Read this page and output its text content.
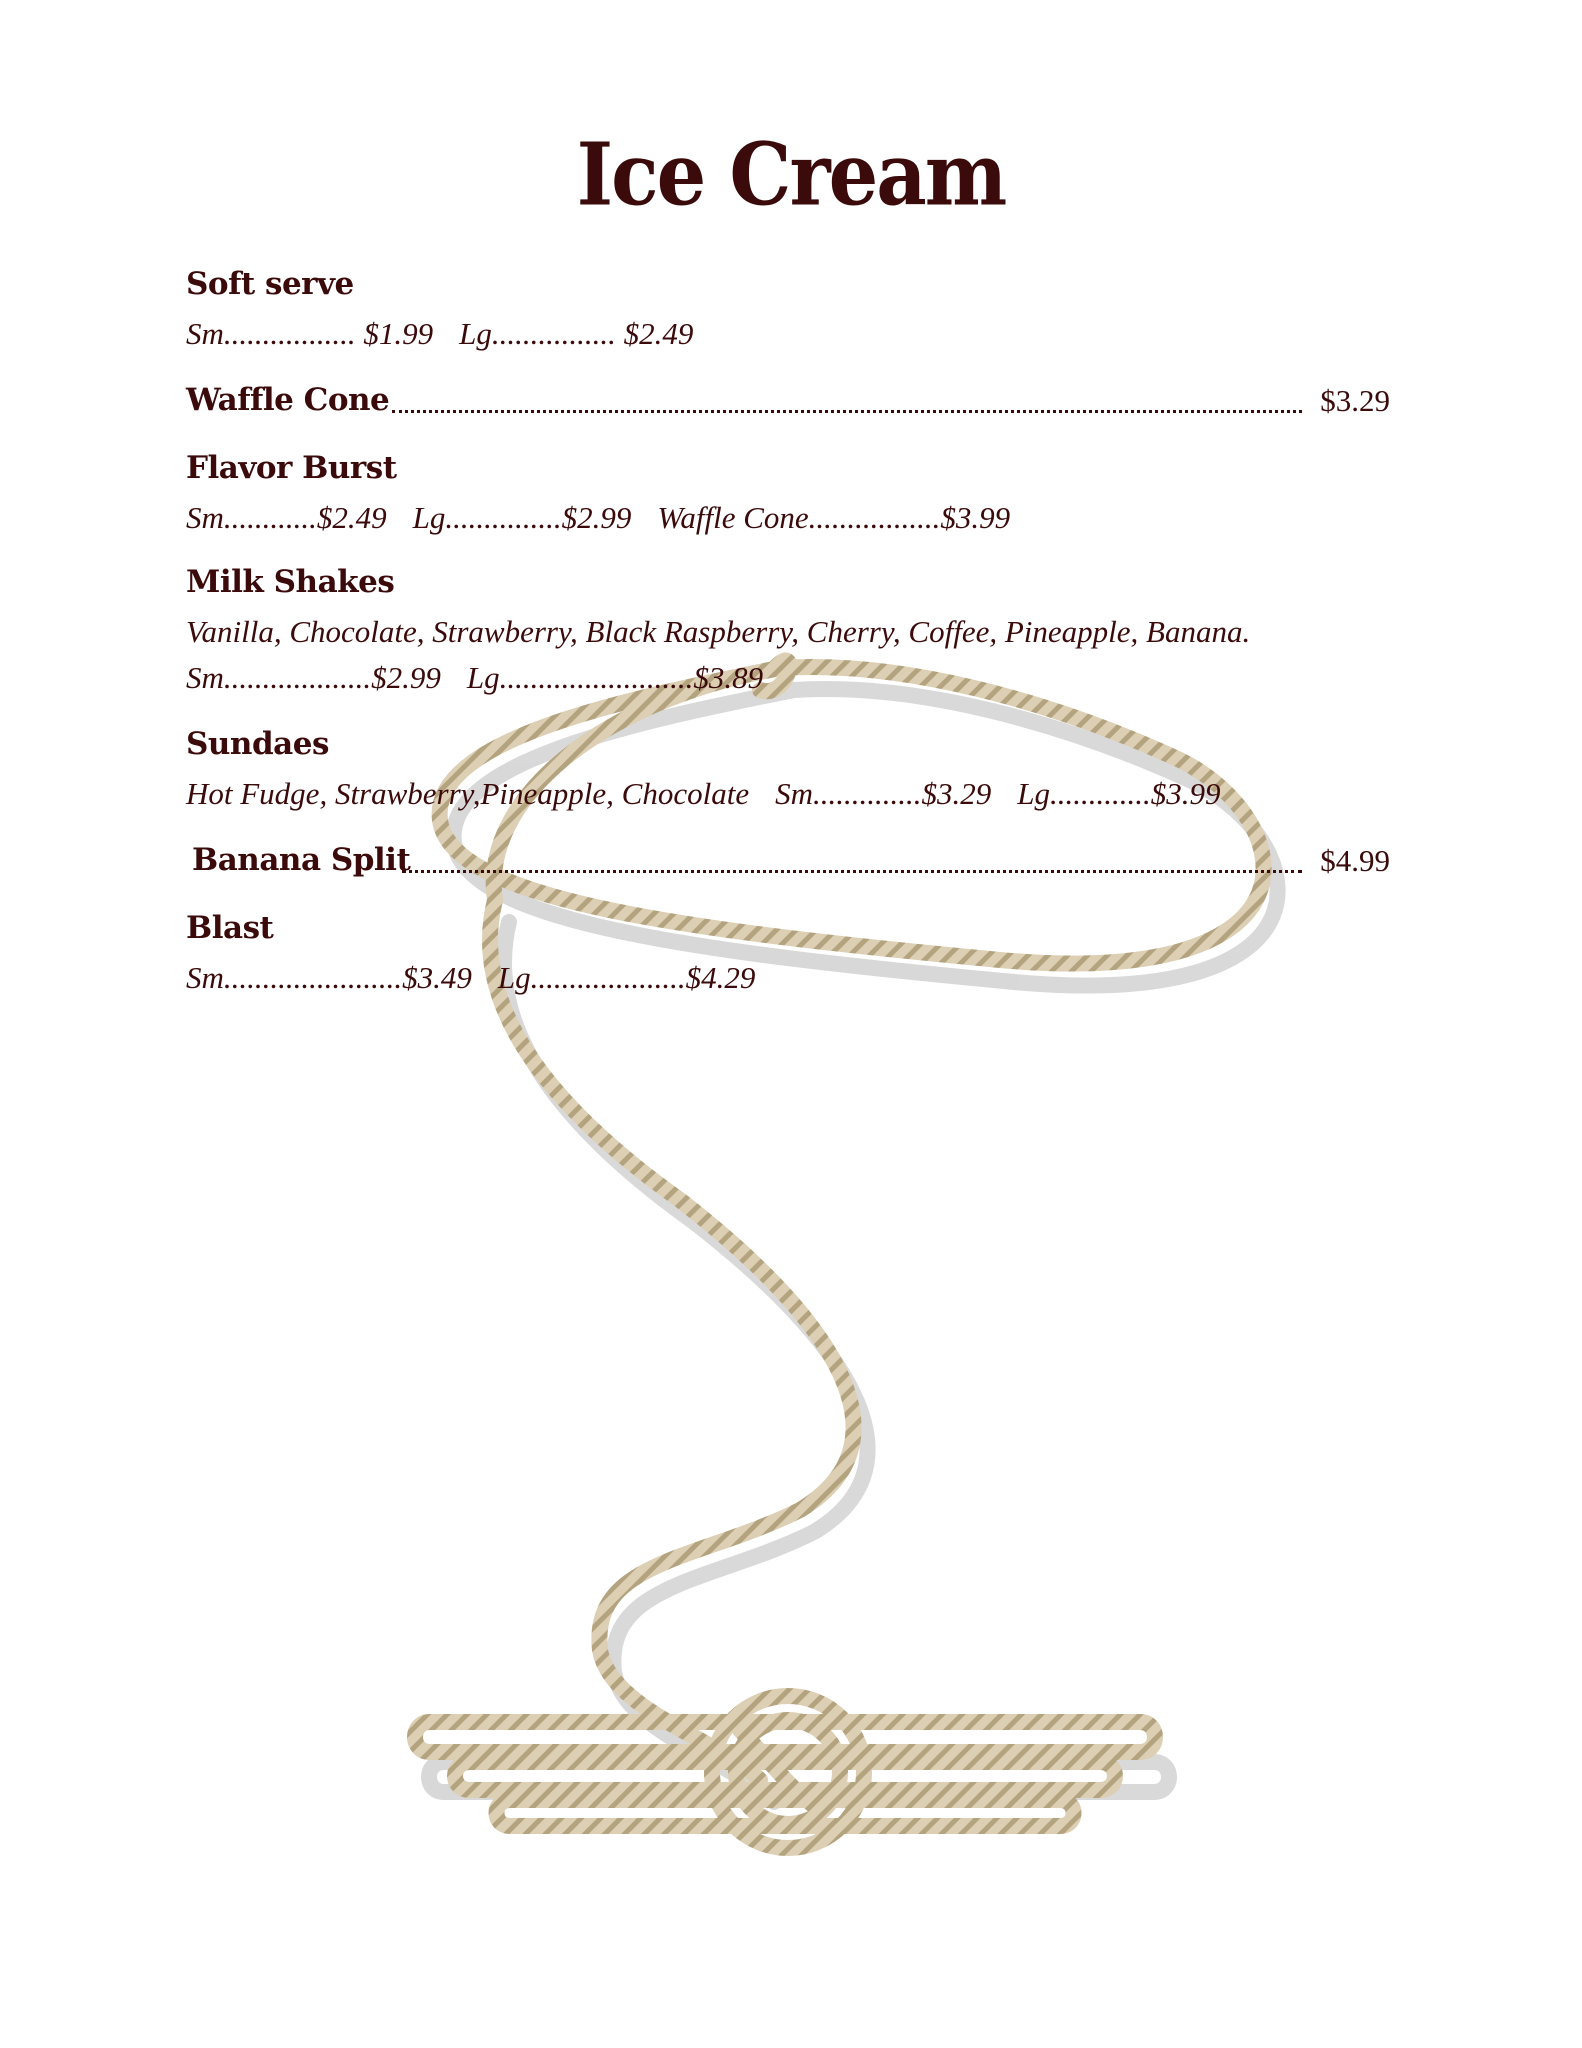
Ice Cream
Soft serve
Sm................. $1.99 Lg................ $2.49
Waffle Cone	$3.29
Flavor Burst
Sm............$2.49 Lg...............$2.99 Waffle Cone.................$3.99
Milk Shakes
Vanilla, Chocolate, Strawberry, Black Raspberry, Cherry, Coffee, Pineapple, Banana.
Sm...................$2.99 Lg.........................$3.89
Sundaes
Hot Fudge, Strawberry,Pineapple, Chocolate Sm..............$3.29 Lg.............$3.99
Banana Split	$4.99
Blast
Sm.......................$3.49 Lg....................$4.29
